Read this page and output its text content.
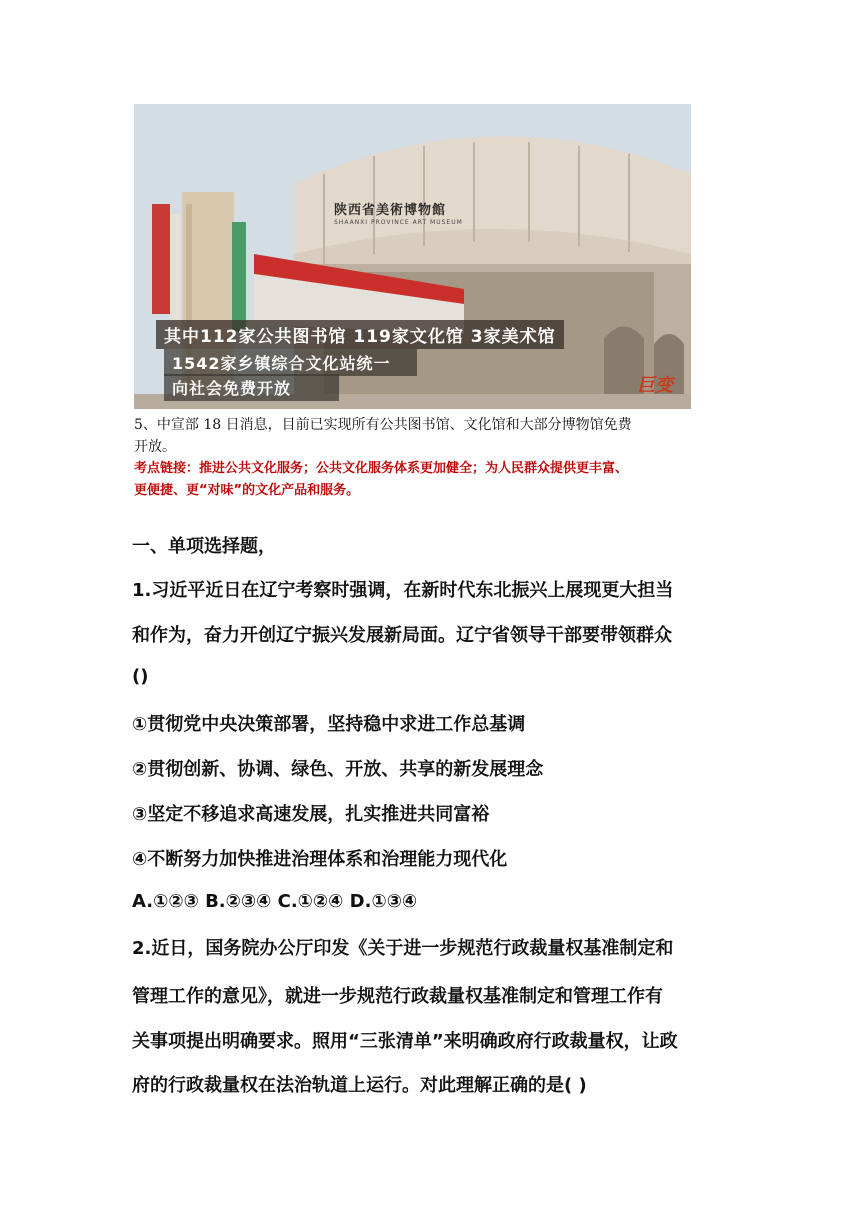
陕西省美術博物館
SHAANXI PROVINCE ART MUSEUM
其中112家公共图书馆 119家文化馆 3家美术馆
1542家乡镇综合文化站统一
向社会免费开放	巨变
5、中宣部 18 日消息，目前已实现所有公共图书馆、文化馆和大部分博物馆免费
开放。
考点链接：推进公共文化服务；公共文化服务体系更加健全；为人民群众提供更丰富、
更便捷、更“对味”的文化产品和服务。
一、单项选择题，
1.习近平近日在辽宁考察时强调，在新时代东北振兴上展现更大担当
和作为，奋力开创辽宁振兴发展新局面。辽宁省领导干部要带领群众
()
①贯彻党中央决策部署，坚持稳中求进工作总基调
②贯彻创新、协调、绿色、开放、共享的新发展理念
③坚定不移追求高速发展，扎实推进共同富裕
④不断努力加快推进治理体系和治理能力现代化
A.①②③ B.②③④ C.①②④ D.①③④
2.近日，国务院办公厅印发《关于进一步规范行政裁量权基准制定和
管理工作的意见》，就进一步规范行政裁量权基准制定和管理工作有
关事项提出明确要求。照用“三张清单”来明确政府行政裁量权，让政
府的行政裁量权在法治轨道上运行。对此理解正确的是( )
